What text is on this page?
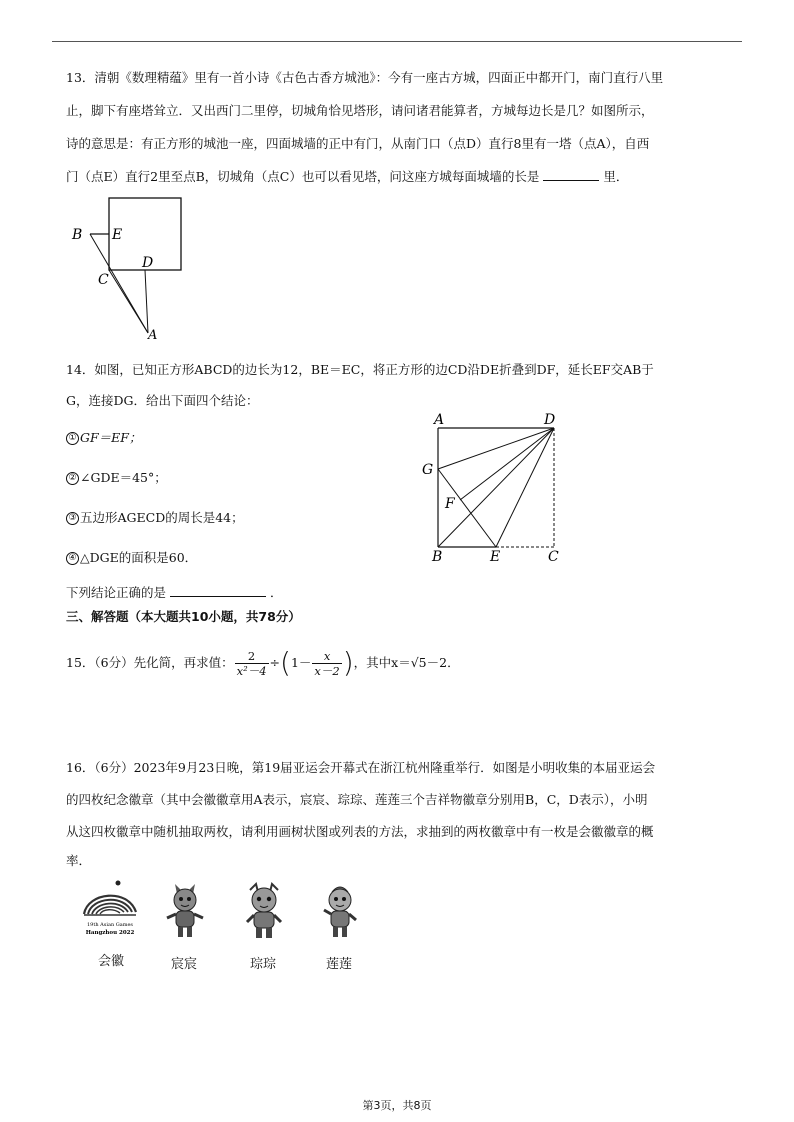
13．清朝《数理精蕴》里有一首小诗《古色古香方城池》：今有一座古方城，四面正中都开门，南门直行八里
止，脚下有座塔耸立．又出西门二里停，切城角恰见塔形，请问诸君能算者，方城每边长是几？如图所示，
诗的意思是：有正方形的城池一座，四面城墙的正中有门，从南门口（点D）直行8里有一塔（点A），自西
门（点E）直行2里至点B，切城角（点C）也可以看见塔，问这座方城每面城墙的长是	里．
B E
C
D
A
14．如图，已知正方形ABCD的边长为12，BE＝EC，将正方形的边CD沿DE折叠到DF，延长EF交AB于
G，连接DG．给出下面四个结论：
① GF＝EF；
② ∠GDE＝45°；
③ 五边形AGECD的周长是44；
④ △DGE的面积是60．
下列结论正确的是	．
A	D
G
F
B	E	C
三、解答题（本大题共10小题，共78分）
15．（6分）先化简，再求值： $\frac{2}{\text{x²－4}}$ ÷ ( $1- \frac{x}{x-2}$ ) ，其中x＝√5－2．
16．（6分）2023年9月23日晚，第19届亚运会开幕式在浙江杭州隆重举行．如图是小明收集的本届亚运会
的四枚纪念徽章（其中会徽徽章用A表示，宸宸、琮琮、莲莲三个吉祥物徽章分别用B，C，D表示），小明
从这四枚徽章中随机抽取两枚，请利用画树状图或列表的方法，求抽到的两枚徽章中有一枚是会徽徽章的概
率．
19th Asian Games
Hangzhou 2022
会徽	宸宸	琮琮	莲莲
第3页，共8页
